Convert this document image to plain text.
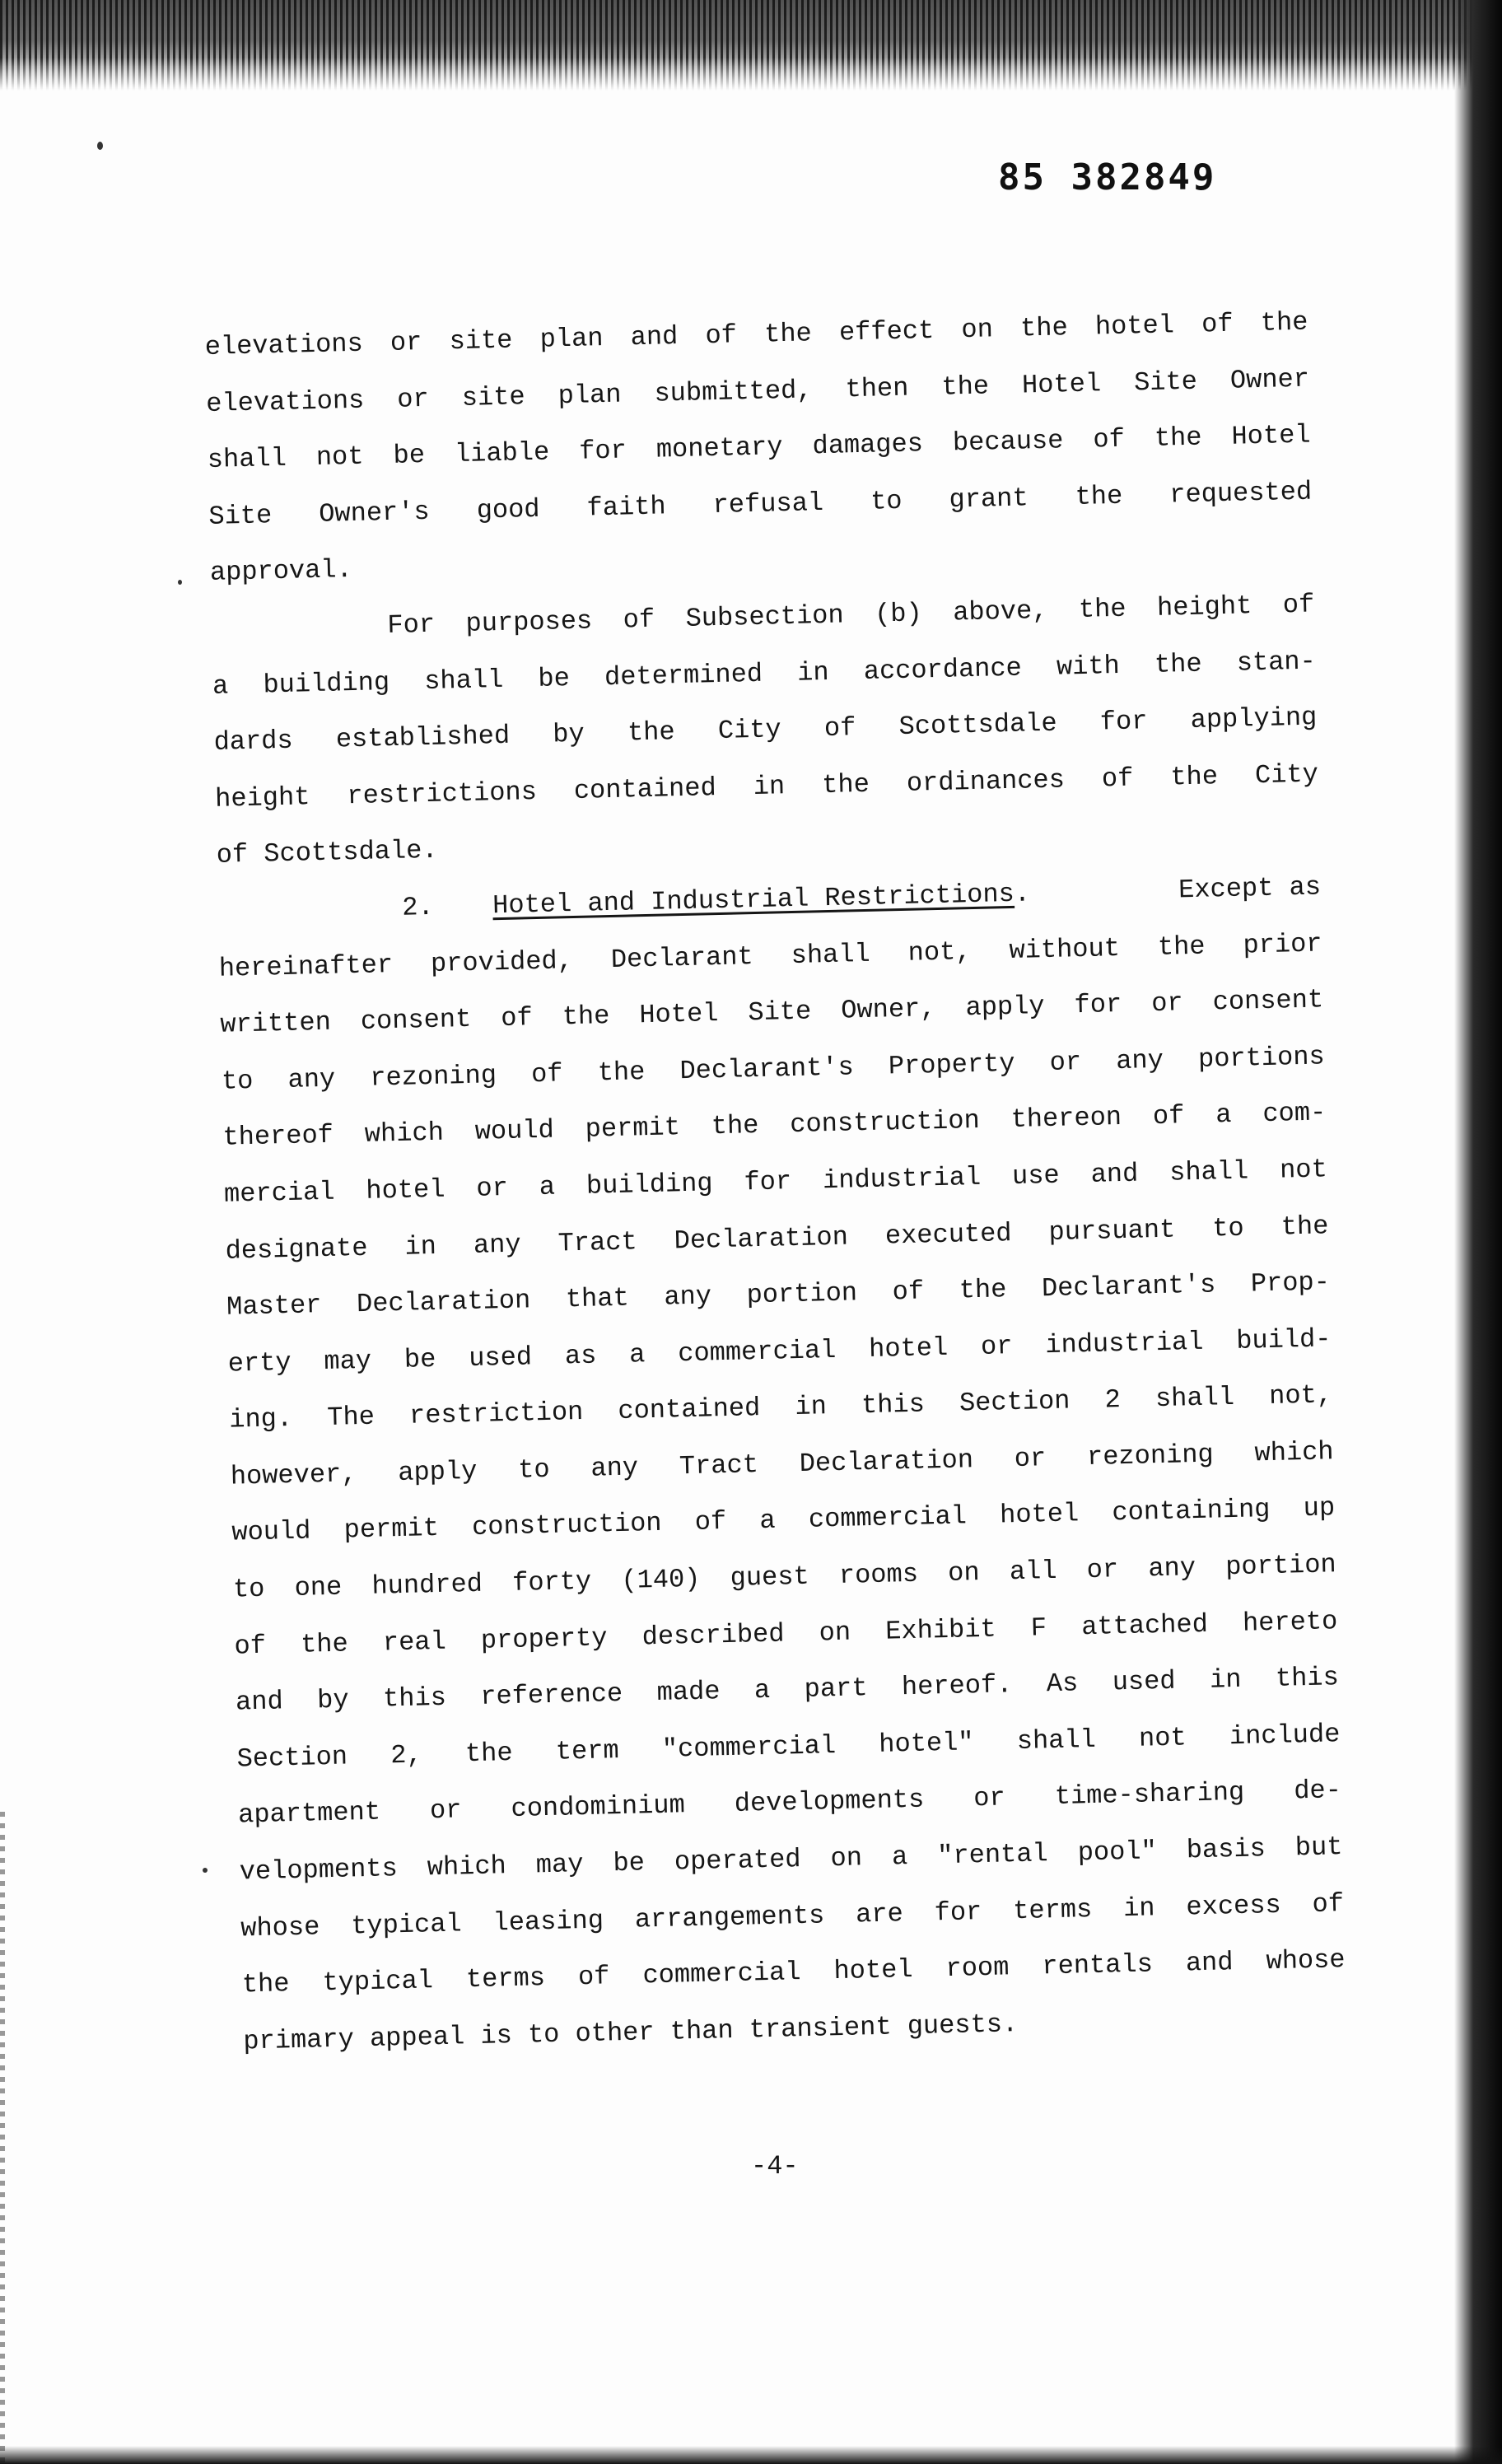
85 382849
elevations or site plan and of the effect on the hotel of the
elevations or site plan submitted, then the Hotel Site Owner
shall not be liable for monetary damages because of the Hotel
Site Owner's good faith refusal to grant the requested
approval.
For purposes of Subsection (b) above, the height of
a building shall be determined in accordance with the stan-
dards established by the City of Scottsdale for applying
height restrictions contained in the ordinances of the City
of Scottsdale.
2. Hotel and Industrial Restrictions.	Except as
hereinafter provided, Declarant shall not, without the prior
written consent of the Hotel Site Owner, apply for or consent
to any rezoning of the Declarant's Property or any portions
thereof which would permit the construction thereon of a com-
mercial hotel or a building for industrial use and shall not
designate in any Tract Declaration executed pursuant to the
Master Declaration that any portion of the Declarant's Prop-
erty may be used as a commercial hotel or industrial build-
ing. The restriction contained in this Section 2 shall not,
however, apply to any Tract Declaration or rezoning which
would permit construction of a commercial hotel containing up
to one hundred forty (140) guest rooms on all or any portion
of the real property described on Exhibit F attached hereto
and by this reference made a part hereof. As used in this
Section 2, the term "commercial hotel" shall not include
apartment or condominium developments or time-sharing de-
velopments which may be operated on a "rental pool" basis but
whose typical leasing arrangements are for terms in excess of
the typical terms of commercial hotel room rentals and whose
primary appeal is to other than transient guests.
-4-
